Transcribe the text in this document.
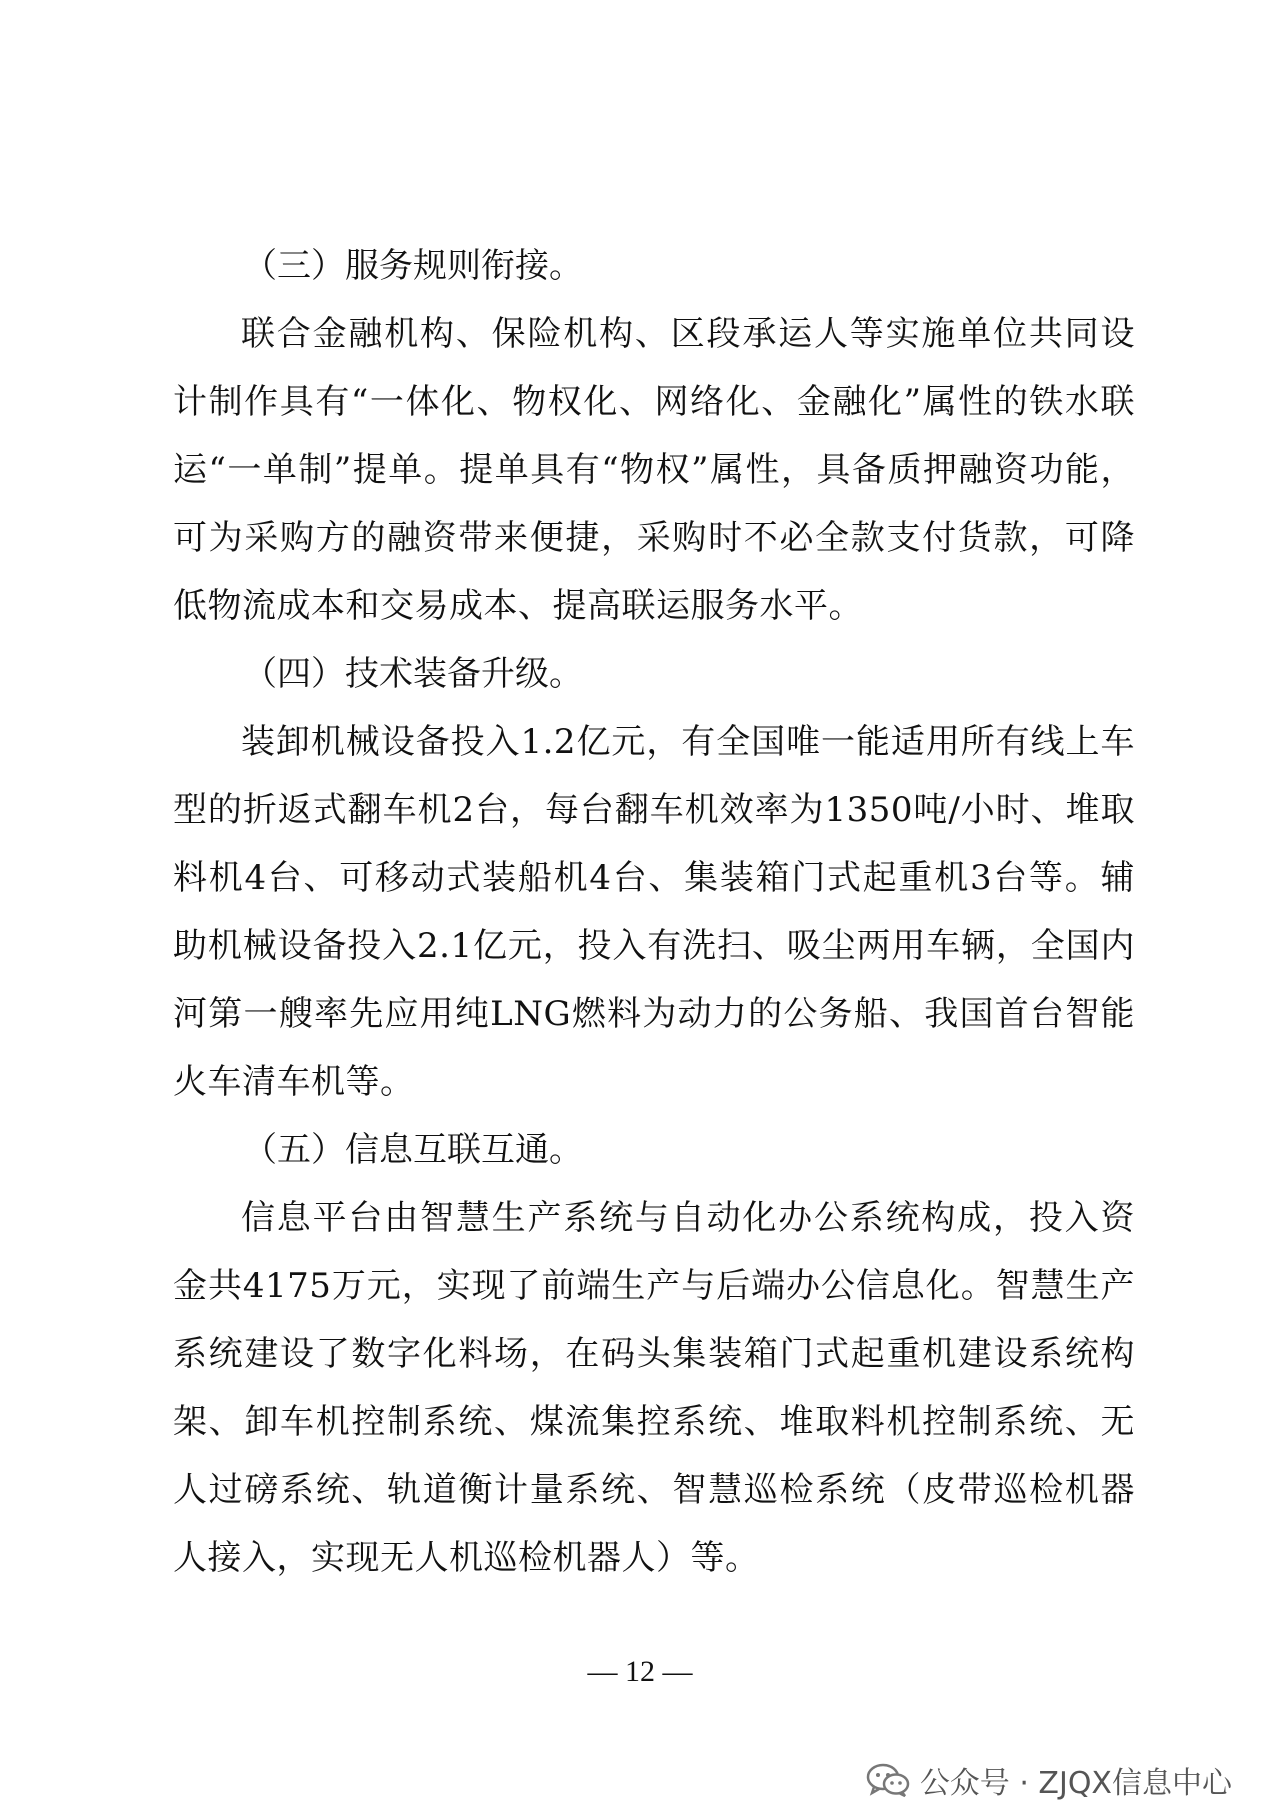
（三）服务规则衔接。

联合金融机构、保险机构、区段承运人等实施单位共同设计制作具有“一体化、物权化、网络化、金融化”属性的铁水联运“一单制”提单。提单具有“物权”属性，具备质押融资功能，可为采购方的融资带来便捷，采购时不必全款支付货款，可降低物流成本和交易成本、提高联运服务水平。

（四）技术装备升级。

装卸机械设备投入1.2亿元，有全国唯一能适用所有线上车型的折返式翻车机2台，每台翻车机效率为1350吨/小时、堆取料机4台、可移动式装船机4台、集装箱门式起重机3台等。辅助机械设备投入2.1亿元，投入有洗扫、吸尘两用车辆，全国内河第一艘率先应用纯LNG燃料为动力的公务船、我国首台智能火车清车机等。

（五）信息互联互通。

信息平台由智慧生产系统与自动化办公系统构成，投入资金共4175万元，实现了前端生产与后端办公信息化。智慧生产系统建设了数字化料场，在码头集装箱门式起重机建设系统构架、卸车机控制系统、煤流集控系统、堆取料机控制系统、无人过磅系统、轨道衡计量系统、智慧巡检系统（皮带巡检机器人接入，实现无人机巡检机器人）等。

— 12 —
公众号 · ZJQX信息中心
